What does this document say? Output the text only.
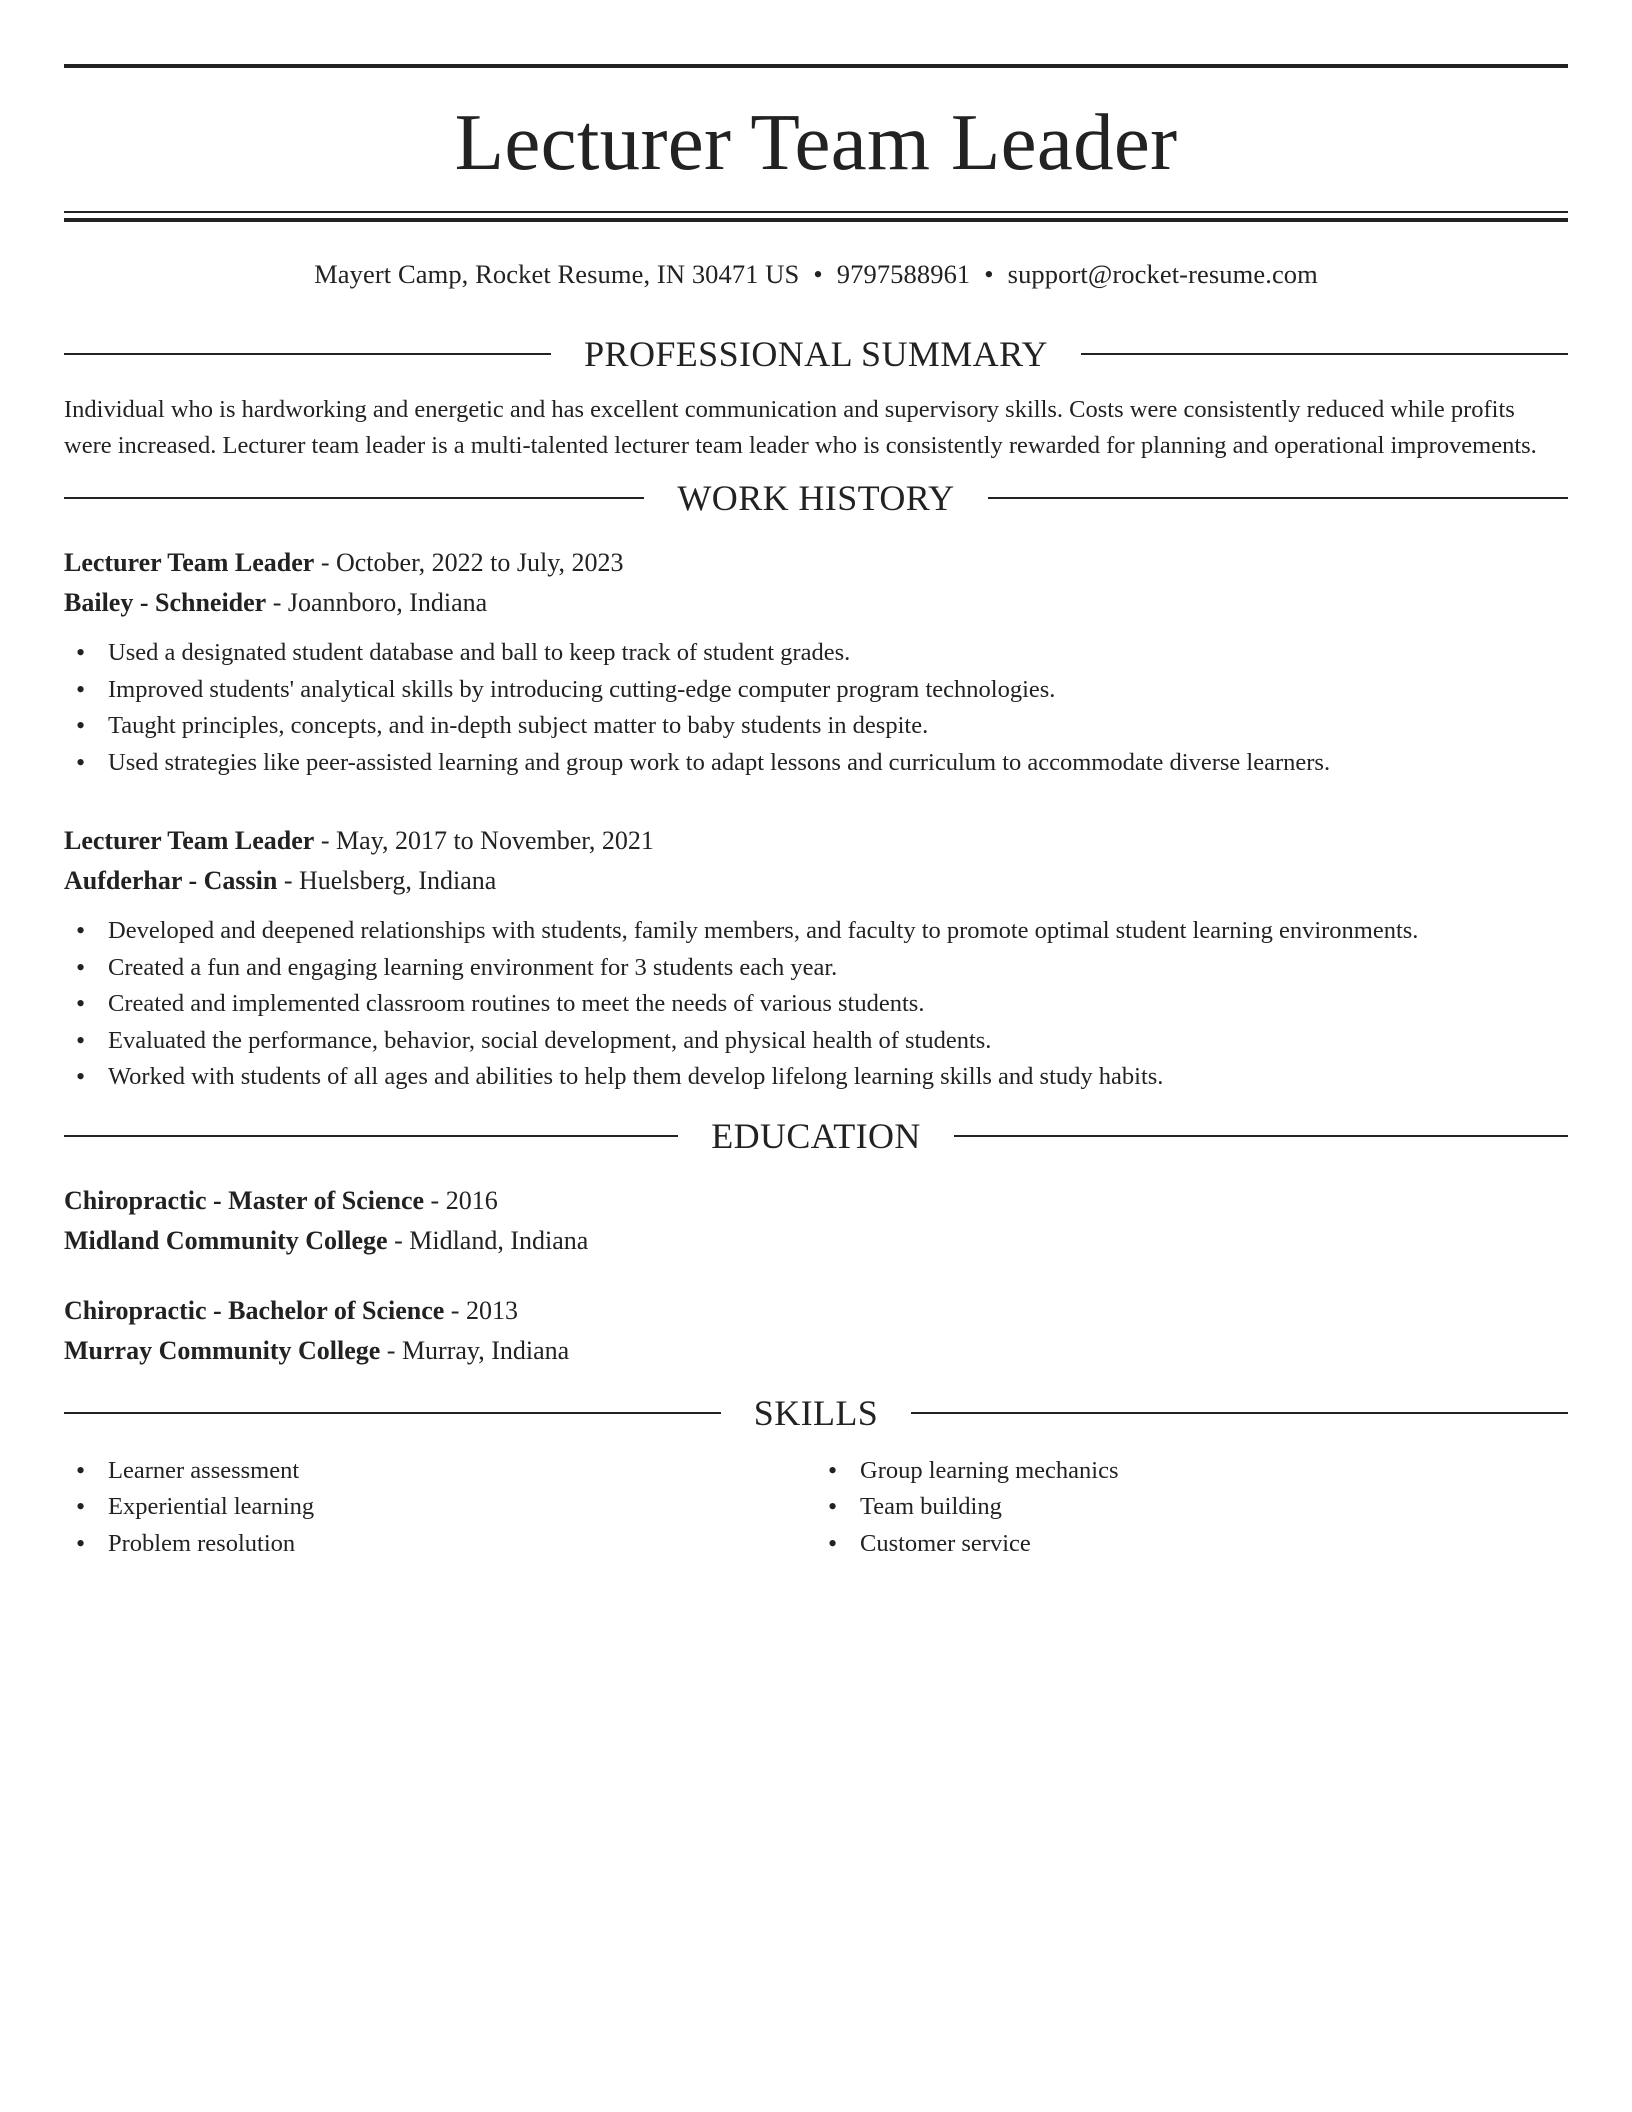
Lecturer Team Leader
Mayert Camp, Rocket Resume, IN 30471 US • 9797588961 • support@rocket-resume.com
PROFESSIONAL SUMMARY

Individual who is hardworking and energetic and has excellent communication and supervisory skills. Costs were consistently reduced while profits were increased. Lecturer team leader is a multi-talented lecturer team leader who is consistently rewarded for planning and operational improvements.

WORK HISTORY
Lecturer Team Leader - October, 2022 to July, 2023
Bailey - Schneider - Joannboro, Indiana
• Used a designated student database and ball to keep track of student grades.
• Improved students' analytical skills by introducing cutting-edge computer program technologies.
• Taught principles, concepts, and in-depth subject matter to baby students in despite.
• Used strategies like peer-assisted learning and group work to adapt lessons and curriculum to accommodate diverse learners.
Lecturer Team Leader - May, 2017 to November, 2021
Aufderhar - Cassin - Huelsberg, Indiana
• Developed and deepened relationships with students, family members, and faculty to promote optimal student learning environments.
• Created a fun and engaging learning environment for 3 students each year.
• Created and implemented classroom routines to meet the needs of various students.
• Evaluated the performance, behavior, social development, and physical health of students.
• Worked with students of all ages and abilities to help them develop lifelong learning skills and study habits.
EDUCATION
Chiropractic - Master of Science - 2016
Midland Community College - Midland, Indiana
Chiropractic - Bachelor of Science - 2013
Murray Community College - Murray, Indiana
SKILLS
• Learner assessment
• Experiential learning
• Problem resolution
• Group learning mechanics
• Team building
• Customer service
